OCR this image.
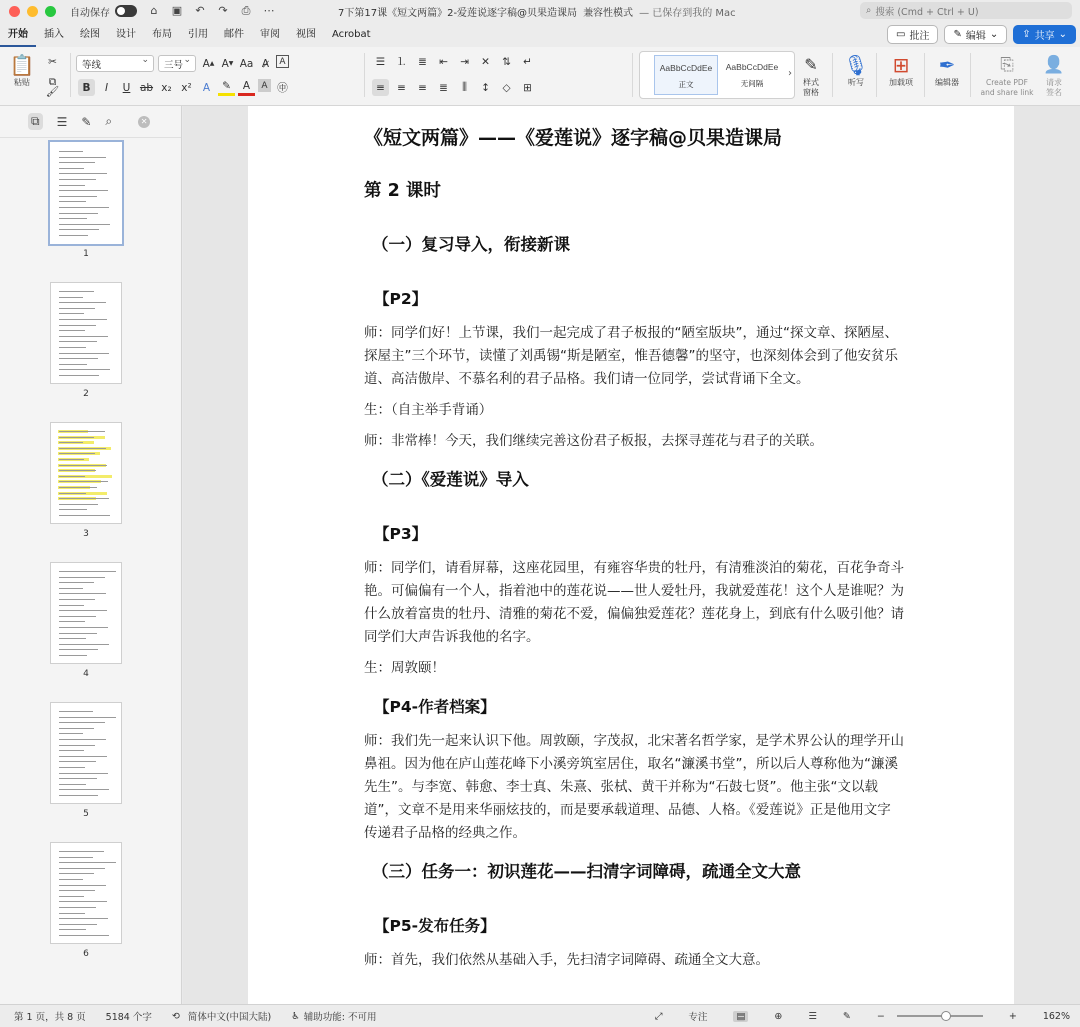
自动保存	⌂	▣ ↶ ↷ ⎙ ⋯	7下第17课《短文两篇》2-爱莲说逐字稿@贝果造课局 兼容性模式 — 已保存到我的 Mac	⌕ 搜索 (Cmd + Ctrl + U)
开始	插入	绘图	设计	布局	引用	邮件	审阅	视图	Acrobat	▭ 批注 ✎ 编辑 ⌄ ⇪ 共享 ⌄
📋
粘贴
✂
⧉
🖌
等线
⌄	三号
⌄ A ▲ A ▼ Aa A̷	A
B	I	U ab x₂ x²	A	✎	A	A ㊥
☰	⒈	≣	⇤	⇥	✕	⇅	↵
≡	≡	≡	≣	⫼	↕	◇	⊞
AaBbCcDdEe
正文
AaBbCcDdEe
无间隔
› ✎
样式
窗格
🎙
听写
⊞
加载项
✒
编辑器
⎘
Create PDF
and share link
👤
请求
签名
⧉ ☰ ✎ ⌕	✕
1
2
3
4
5
6
《短文两篇》——《爱莲说》逐字稿@贝果造课局
第 2 课时
（一）复习导入，衔接新课
【P2】
师：同学们好！上节课，我们一起完成了君子板报的“陋室版块”，通过“探文章、探陋屋、探屋主”三个环节，读懂了刘禹锡“斯是陋室，惟吾德馨”的坚守，也深刻体会到了他安贫乐道、高洁傲岸、不慕名利的君子品格。我们请一位同学，尝试背诵下全文。
生：（自主举手背诵）
师：非常棒！今天，我们继续完善这份君子板报，去探寻莲花与君子的关联。
（二）《爱莲说》导入
【P3】
师：同学们，请看屏幕，这座花园里，有雍容华贵的牡丹，有清雅淡泊的菊花，百花争奇斗艳。可偏偏有一个人，指着池中的莲花说——世人爱牡丹，我就爱莲花！这个人是谁呢？为什么放着富贵的牡丹、清雅的菊花不爱，偏偏独爱莲花？莲花身上，到底有什么吸引他？请同学们大声告诉我他的名字。
生：周敦颐！
【P4-作者档案】
师：我们先一起来认识下他。周敦颐，字茂叔，北宋著名哲学家，是学术界公认的理学开山鼻祖。因为他在庐山莲花峰下小溪旁筑室居住，取名“濂溪书堂”，所以后人尊称他为“濂溪先生”。与李宽、韩愈、李士真、朱熹、张栻、黄干并称为“石鼓七贤”。他主张“文以载道”，文章不是用来华丽炫技的，而是要承载道理、品德、人格。《爱莲说》正是他用文字传递君子品格的经典之作。
（三）任务一：初识莲花——扫清字词障碍，疏通全文大意
【P5-发布任务】
师：首先，我们依然从基础入手，先扫清字词障碍、疏通全文大意。
第 1 页，共 8 页 5184 个字 ⟲ 简体中文(中国大陆) ♿ 辅助功能: 不可用	⤢	专注	▤	⊕	☰	✎	−	+	162%
